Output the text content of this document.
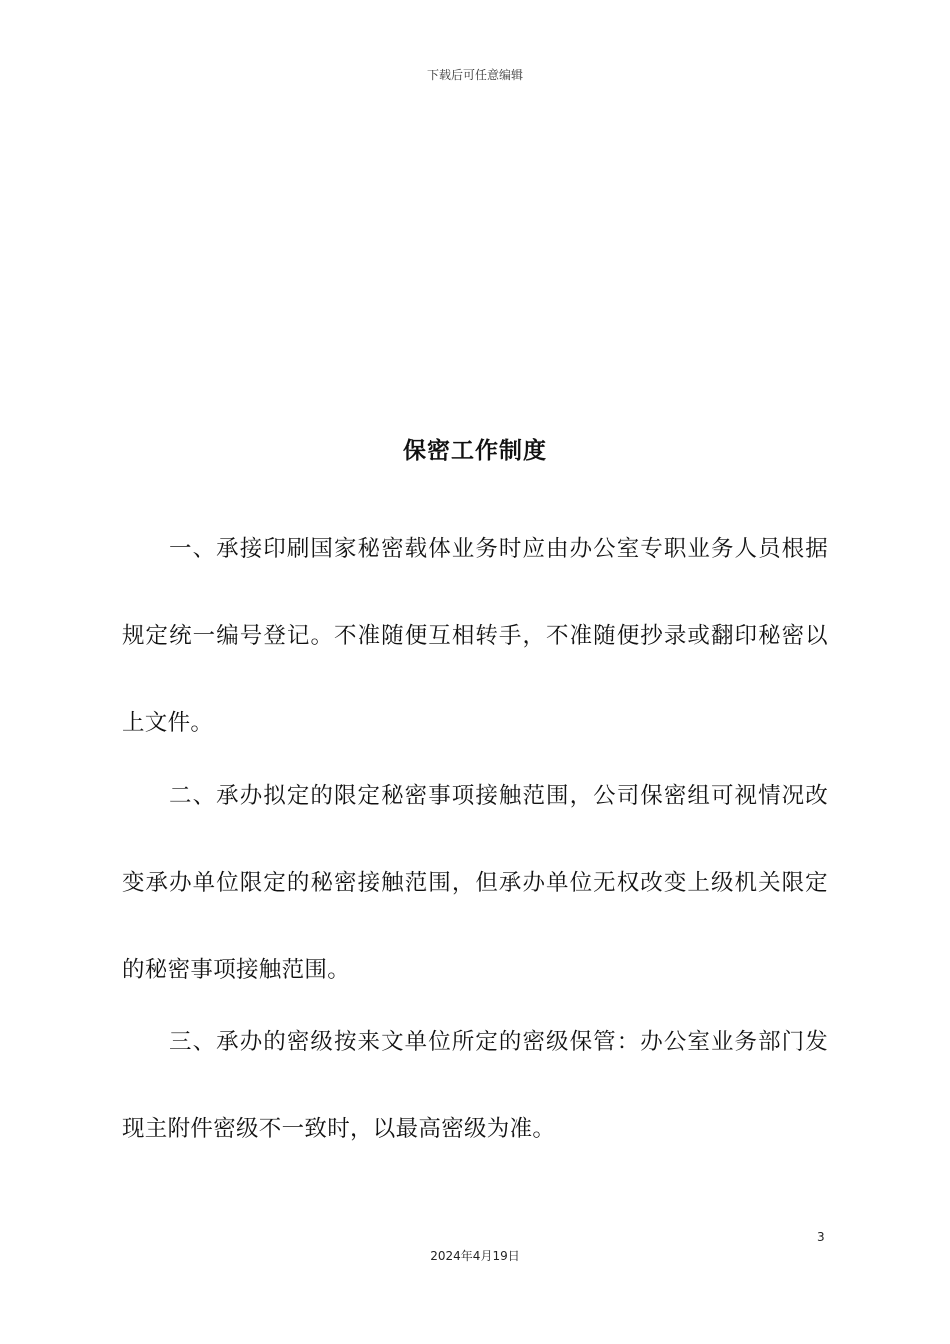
下载后可任意编辑
保密工作制度

一、承接印刷国家秘密载体业务时应由办公室专职业务人员根据规定统一编号登记。不准随便互相转手，不准随便抄录或翻印秘密以上文件。

二、承办拟定的限定秘密事项接触范围，公司保密组可视情况改变承办单位限定的秘密接触范围，但承办单位无权改变上级机关限定的秘密事项接触范围。

三、承办的密级按来文单位所定的密级保管：办公室业务部门发现主附件密级不一致时，以最高密级为准。

3
2024年4月19日
